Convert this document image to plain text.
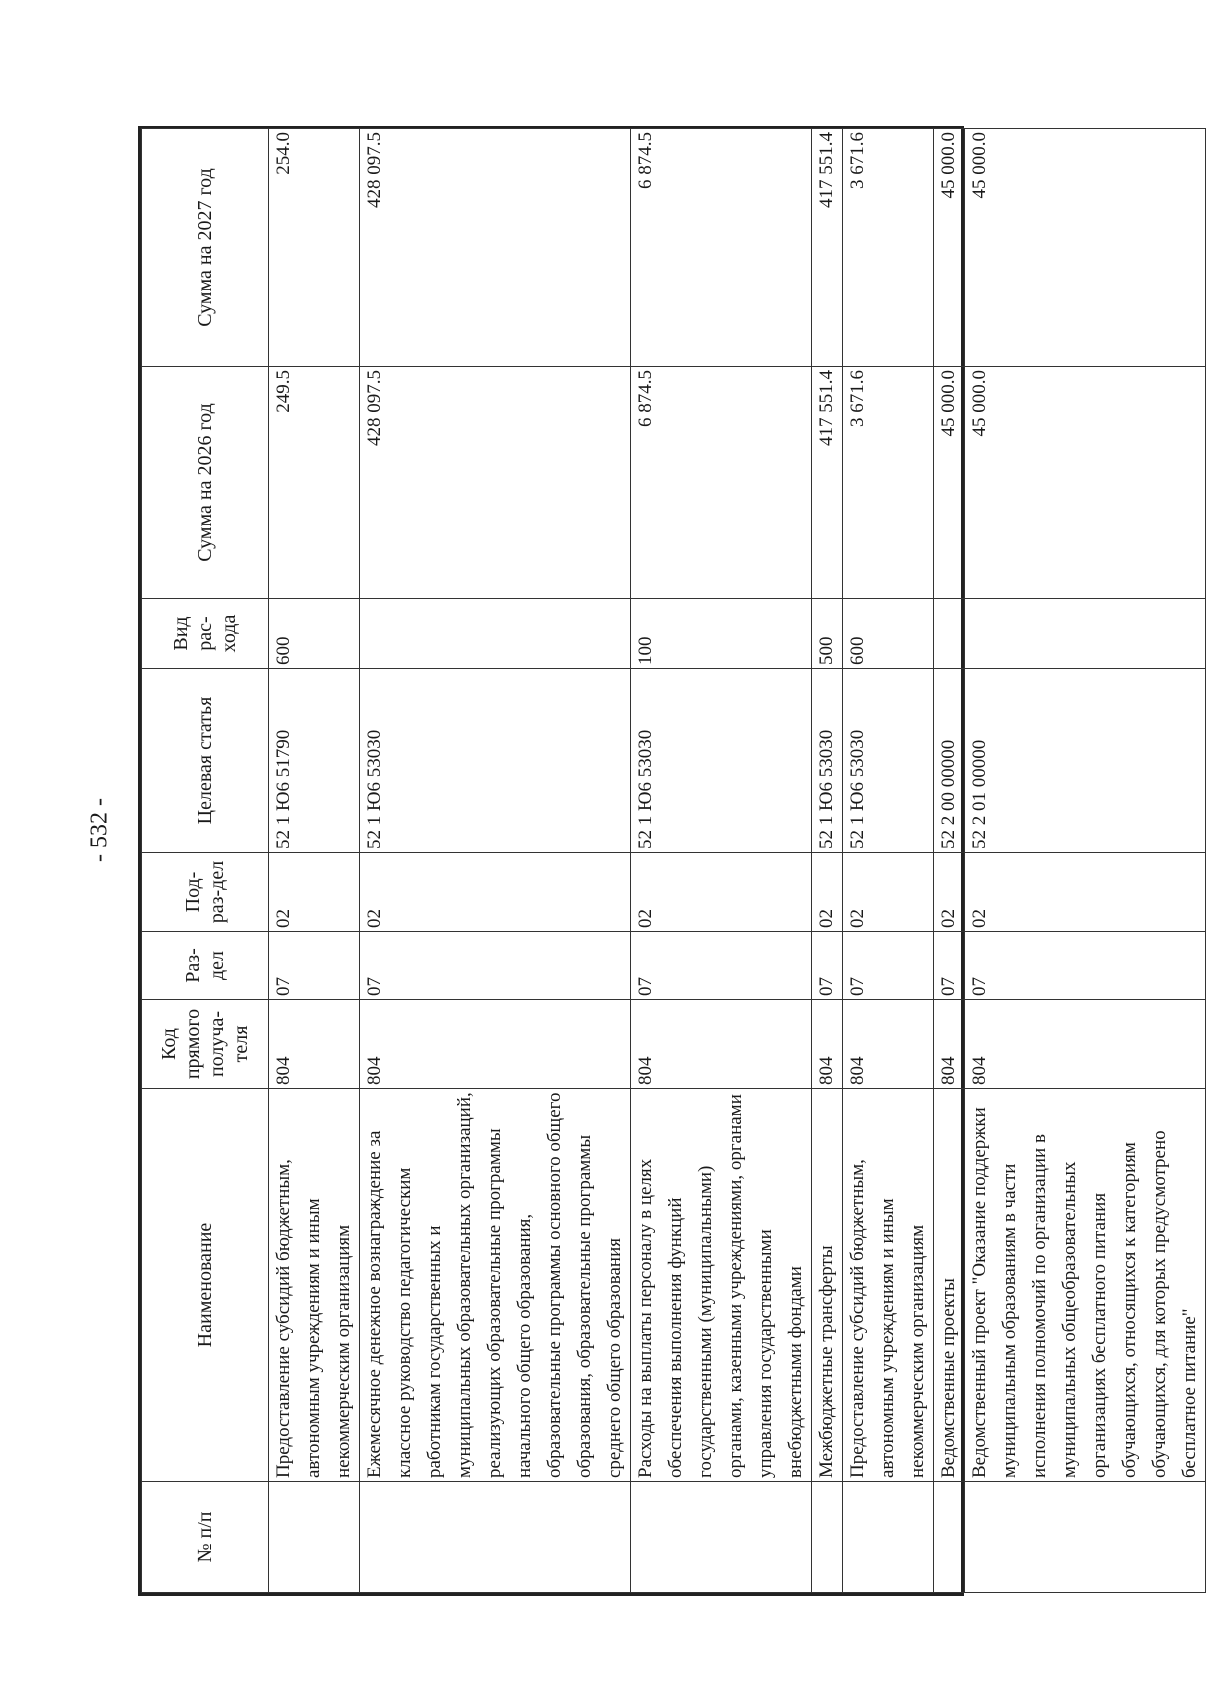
- 532 -
№ п/п	Наименование	Код прямого получа-теля	Раз-дел	Под-раз-дел	Целевая статья	Вид рас-хода	Сумма на 2026 год	Сумма на 2027 год
	Предоставление субсидий бюджетным, автономным учреждениям и иным некоммерческим организациям	804	07	02	52 1 Ю6 51790	600	249.5	254.0
	Ежемесячное денежное вознаграждение за классное руководство педагогическим работникам государственных и муниципальных образовательных организаций, реализующих образовательные программы начального общего образования, образовательные программы основного общего образования, образовательные программы среднего общего образования	804	07	02	52 1 Ю6 53030		428 097.5	428 097.5
	Расходы на выплаты персоналу в целях обеспечения выполнения функций государственными (муниципальными) органами, казенными учреждениями, органами управления государственными внебюджетными фондами	804	07	02	52 1 Ю6 53030	100	6 874.5	6 874.5
	Межбюджетные трансферты	804	07	02	52 1 Ю6 53030	500	417 551.4	417 551.4
	Предоставление субсидий бюджетным, автономным учреждениям и иным некоммерческим организациям	804	07	02	52 1 Ю6 53030	600	3 671.6	3 671.6
	Ведомственные проекты	804	07	02	52 2 00 00000		45 000.0	45 000.0
	Ведомственный проект "Оказание поддержки муниципальным образованиям в части исполнения полномочий по организации в муниципальных общеобразовательных организациях бесплатного питания обучающихся, относящихся к категориям обучающихся, для которых предусмотрено бесплатное питание"	804	07	02	52 2 01 00000		45 000.0	45 000.0
